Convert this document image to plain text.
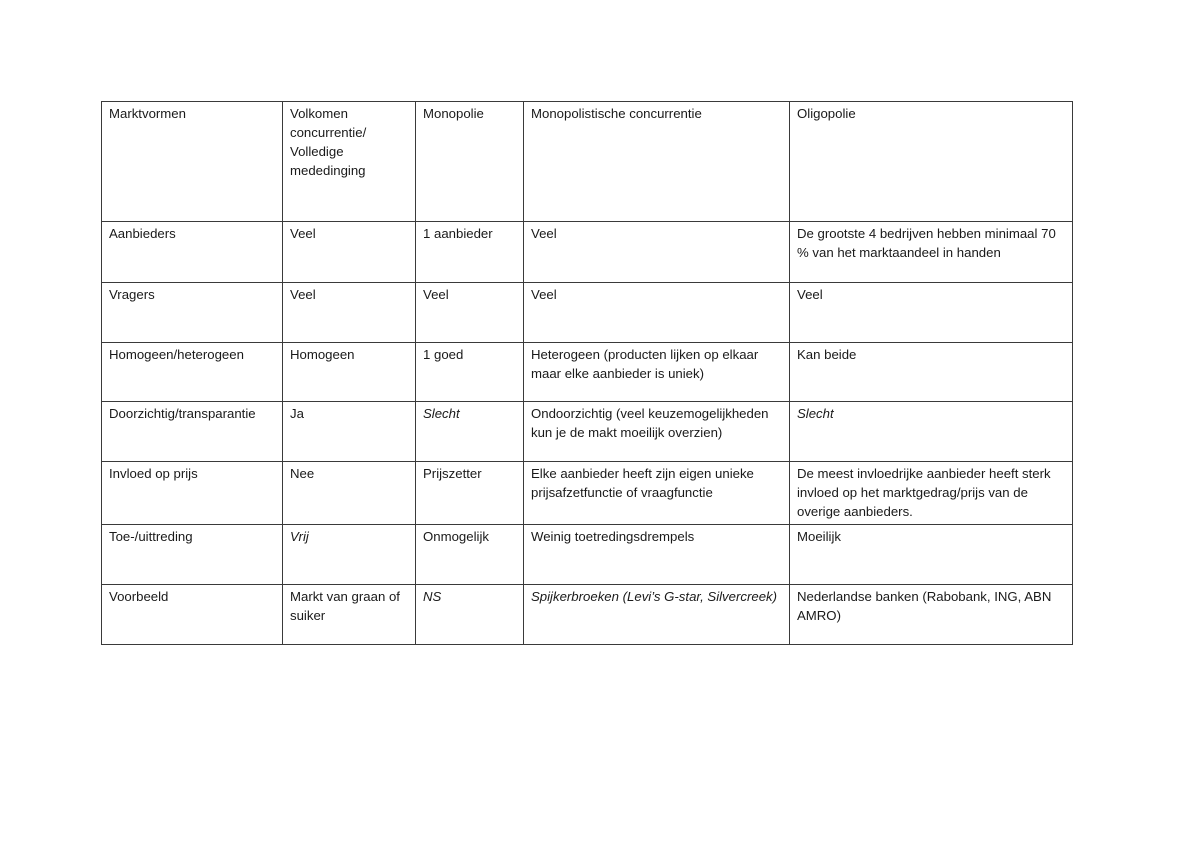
Marktvormen	Volkomen concurrentie/ Volledige mededinging	Monopolie	Monopolistische concurrentie	Oligopolie
Aanbieders	Veel	1 aanbieder	Veel	De grootste 4 bedrijven hebben minimaal 70 % van het marktaandeel in handen
Vragers	Veel	Veel	Veel	Veel
Homogeen/heterogeen	Homogeen	1 goed	Heterogeen (producten lijken op elkaar maar elke aanbieder is uniek)	Kan beide
Doorzichtig/transparantie	Ja	Slecht	Ondoorzichtig (veel keuzemogelijkheden kun je de makt moeilijk overzien)	Slecht
Invloed op prijs	Nee	Prijszetter	Elke aanbieder heeft zijn eigen unieke prijsafzetfunctie of vraagfunctie	De meest invloedrijke aanbieder heeft sterk invloed op het marktgedrag/prijs van de overige aanbieders.
Toe-/uittreding	Vrij	Onmogelijk	Weinig toetredingsdrempels	Moeilijk
Voorbeeld	Markt van graan of suiker	NS	Spijkerbroeken (Levi’s G-star, Silvercreek)	Nederlandse banken (Rabobank, ING, ABN AMRO)
